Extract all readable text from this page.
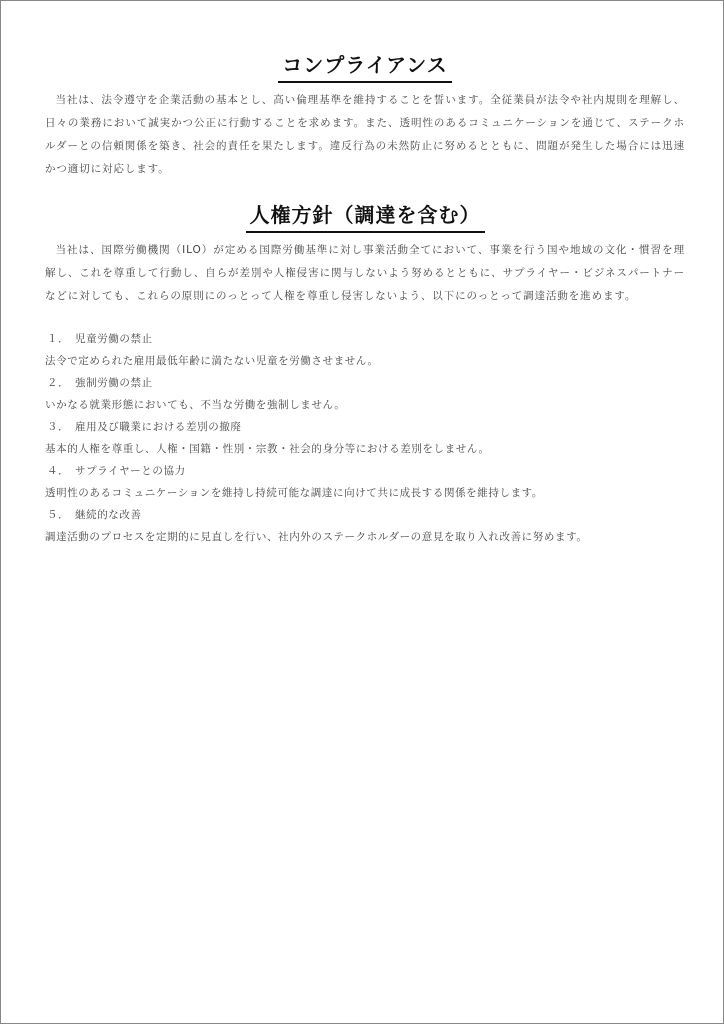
コンプライアンス

当社は、法令遵守を企業活動の基本とし、高い倫理基準を維持することを誓います。全従業員が法令や社内規則を理解し、日々の業務において誠実かつ公正に行動することを求めます。また、透明性のあるコミュニケーションを通じて、ステークホルダーとの信頼関係を築き、社会的責任を果たします。違反行為の未然防止に努めるとともに、問題が発生した場合には迅速かつ適切に対応します。

人権方針（調達を含む）

当社は、国際労働機関（ILO）が定める国際労働基準に対し事業活動全てにおいて、事業を行う国や地域の文化・慣習を理解し、これを尊重して行動し、自らが差別や人権侵害に関与しないよう努めるとともに、サプライヤー・ビジネスパートナーなどに対しても、これらの原則にのっとって人権を尊重し侵害しないよう、以下にのっとって調達活動を進めます。

１． 児童労働の禁止
法令で定められた雇用最低年齢に満たない児童を労働させません。
２． 強制労働の禁止
いかなる就業形態においても、不当な労働を強制しません。
３． 雇用及び職業における差別の撤廃
基本的人権を尊重し、人権・国籍・性別・宗教・社会的身分等における差別をしません。
４． サプライヤーとの協力
透明性のあるコミュニケーションを維持し持続可能な調達に向けて共に成長する関係を維持します。
５． 継続的な改善
調達活動のプロセスを定期的に見直しを行い、社内外のステークホルダーの意見を取り入れ改善に努めます。
